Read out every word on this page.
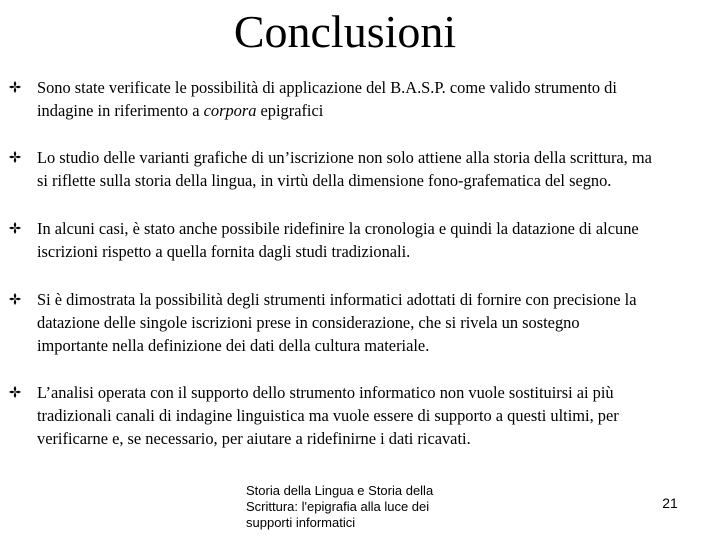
Conclusioni
Sono state verificate le possibilità di applicazione del B.A.S.P. come valido strumento di
indagine in riferimento a corpora epigrafici
Lo studio delle varianti grafiche di un’iscrizione non solo attiene alla storia della scrittura, ma
si riflette sulla storia della lingua, in virtù della dimensione fono-grafematica del segno.
In alcuni casi, è stato anche possibile ridefinire la cronologia e quindi la datazione di alcune
iscrizioni rispetto a quella fornita dagli studi tradizionali.
Si è dimostrata la possibilità degli strumenti informatici adottati di fornire con precisione la
datazione delle singole iscrizioni prese in considerazione, che si rivela un sostegno
importante nella definizione dei dati della cultura materiale.
L’analisi operata con il supporto dello strumento informatico non vuole sostituirsi ai più
tradizionali canali di indagine linguistica ma vuole essere di supporto a questi ultimi, per
verificarne e, se necessario, per aiutare a ridefinirne i dati ricavati.
Storia della Lingua e Storia della
Scrittura: l'epigrafia alla luce dei
supporti informatici
21
